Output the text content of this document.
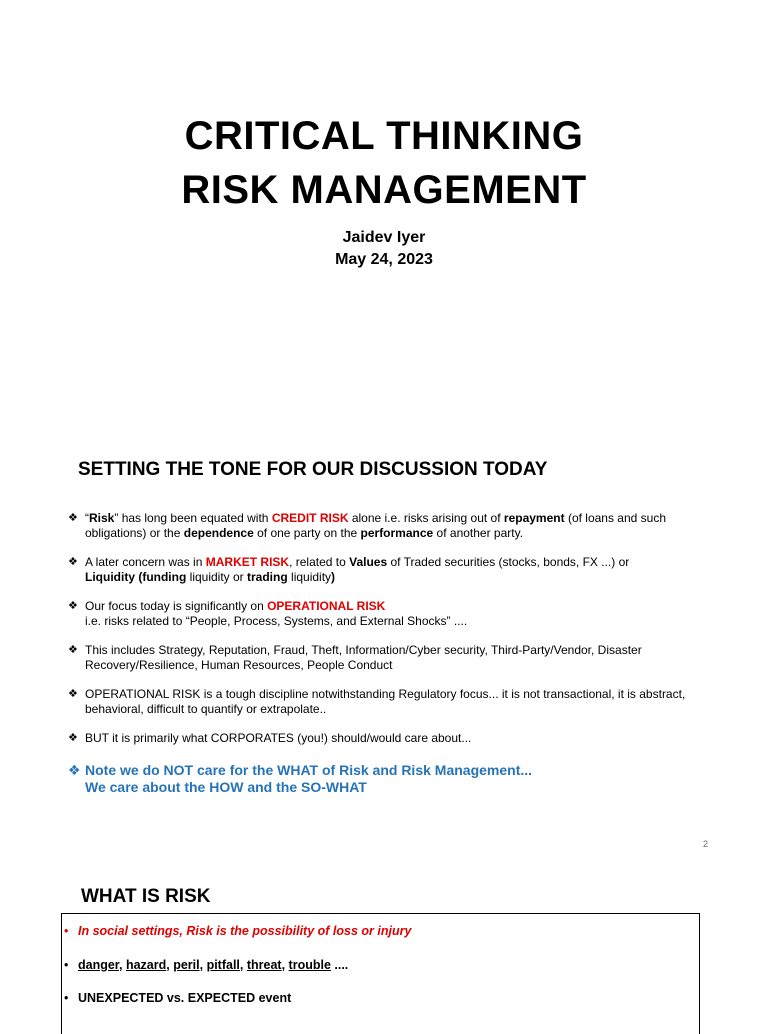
CRITICAL THINKING
RISK MANAGEMENT
Jaidev Iyer
May 24, 2023
SETTING THE TONE FOR OUR DISCUSSION TODAY
❖ “Risk” has long been equated with CREDIT RISK alone i.e. risks arising out of repayment (of loans and such obligations) or the dependence of one party on the performance of another party.
❖ A later concern was in MARKET RISK, related to Values of Traded securities (stocks, bonds, FX ...) or
Liquidity (funding liquidity or trading liquidity)
❖ Our focus today is significantly on OPERATIONAL RISK
i.e. risks related to “People, Process, Systems, and External Shocks” ....
❖ This includes Strategy, Reputation, Fraud, Theft, Information/Cyber security, Third-Party/Vendor, Disaster Recovery/Resilience, Human Resources, People Conduct
❖ OPERATIONAL RISK is a tough discipline notwithstanding Regulatory focus... it is not transactional, it is abstract, behavioral, difficult to quantify or extrapolate..
❖ BUT it is primarily what CORPORATES (you!) should/would care about...
❖ Note we do NOT care for the WHAT of Risk and Risk Management...
We care about the HOW and the SO-WHAT
2
WHAT IS RISK
• In social settings, Risk is the possibility of loss or injury
• danger, hazard, peril, pitfall, threat, trouble ....
• UNEXPECTED vs. EXPECTED event
